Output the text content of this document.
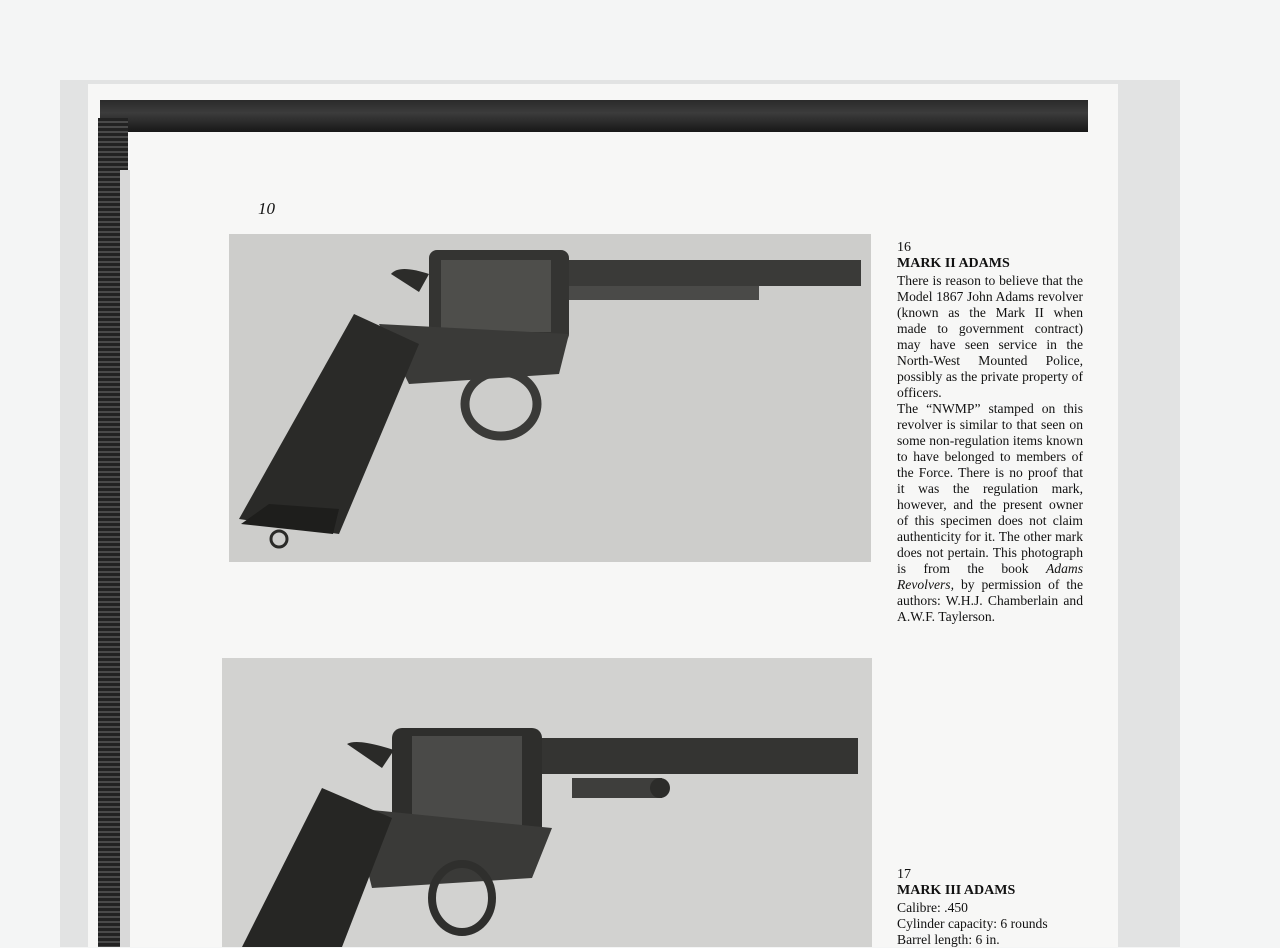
10
16
MARK II ADAMS
There is reason to believe that the Model 1867 John Adams revolver (known as the Mark II when made to government contract) may have seen service in the North-West Mounted Police, possibly as the private property of officers.
The “NWMP” stamped on this revolver is similar to that seen on some non-regulation items known to have belonged to members of the Force. There is no proof that it was the regulation mark, however, and the present owner of this specimen does not claim authenticity for it. The other mark does not pertain. This photograph is from the book Adams Revolvers, by permission of the authors: W.H.J. Chamberlain and A.W.F. Taylerson.
17
MARK III ADAMS
Calibre: .450
Cylinder capacity: 6 rounds
Barrel length: 6 in.
